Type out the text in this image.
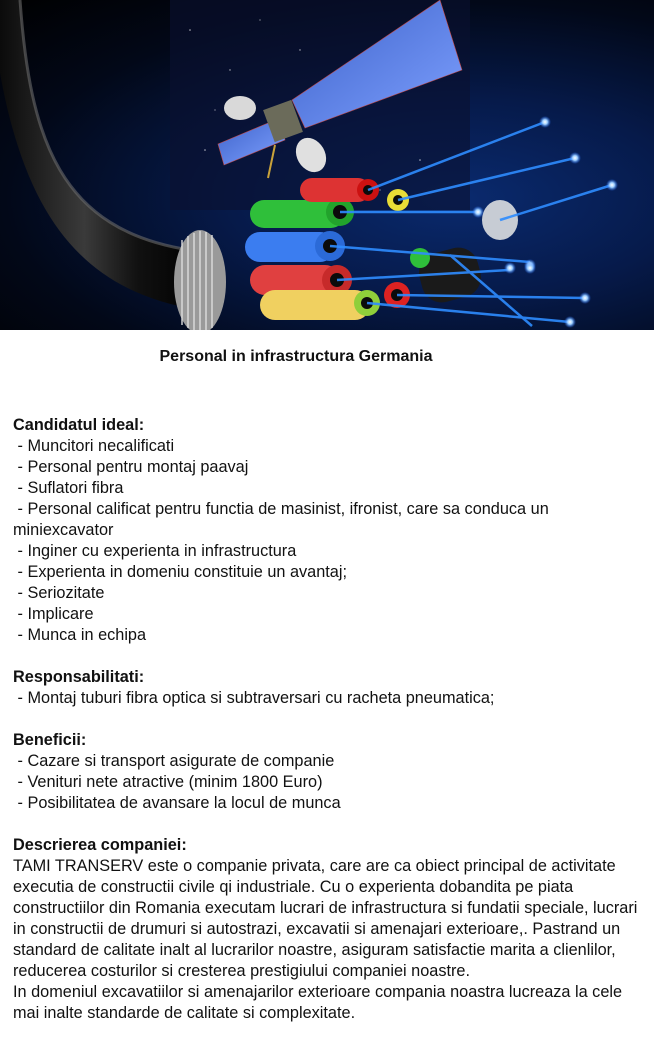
Personal in infrastructura Germania
Candidatul ideal:
- Muncitori necalificati
- Personal pentru montaj paavaj
- Suflatori fibra
- Personal calificat pentru functia de masinist, ifronist, care sa conduca un miniexcavator
- Inginer cu experienta in infrastructura
- Experienta in domeniu constituie un avantaj;
- Seriozitate
- Implicare
- Munca in echipa
Responsabilitati:
- Montaj tuburi fibra optica si subtraversari cu racheta pneumatica;
Beneficii:
- Cazare si transport asigurate de companie
- Venituri nete atractive (minim 1800 Euro)
- Posibilitatea de avansare la locul de munca
Descrierea companiei:
TAMI TRANSERV este o companie privata, care are ca obiect principal de activitate executia de constructii civile qi industriale. Cu o experienta dobandita pe piata constructiilor din Romania executam lucrari de infrastructura si fundatii speciale, lucrari in constructii de drumuri si autostrazi, excavatii si amenajari exterioare,. Pastrand un standard de calitate inalt al lucrarilor noastre, asiguram satisfactie marita a clienlilor, reducerea costurilor si cresterea prestigiului companiei noastre.
In domeniul excavatiilor si amenajarilor exterioare compania noastra lucreaza la cele mai inalte standarde de calitate si complexitate.
